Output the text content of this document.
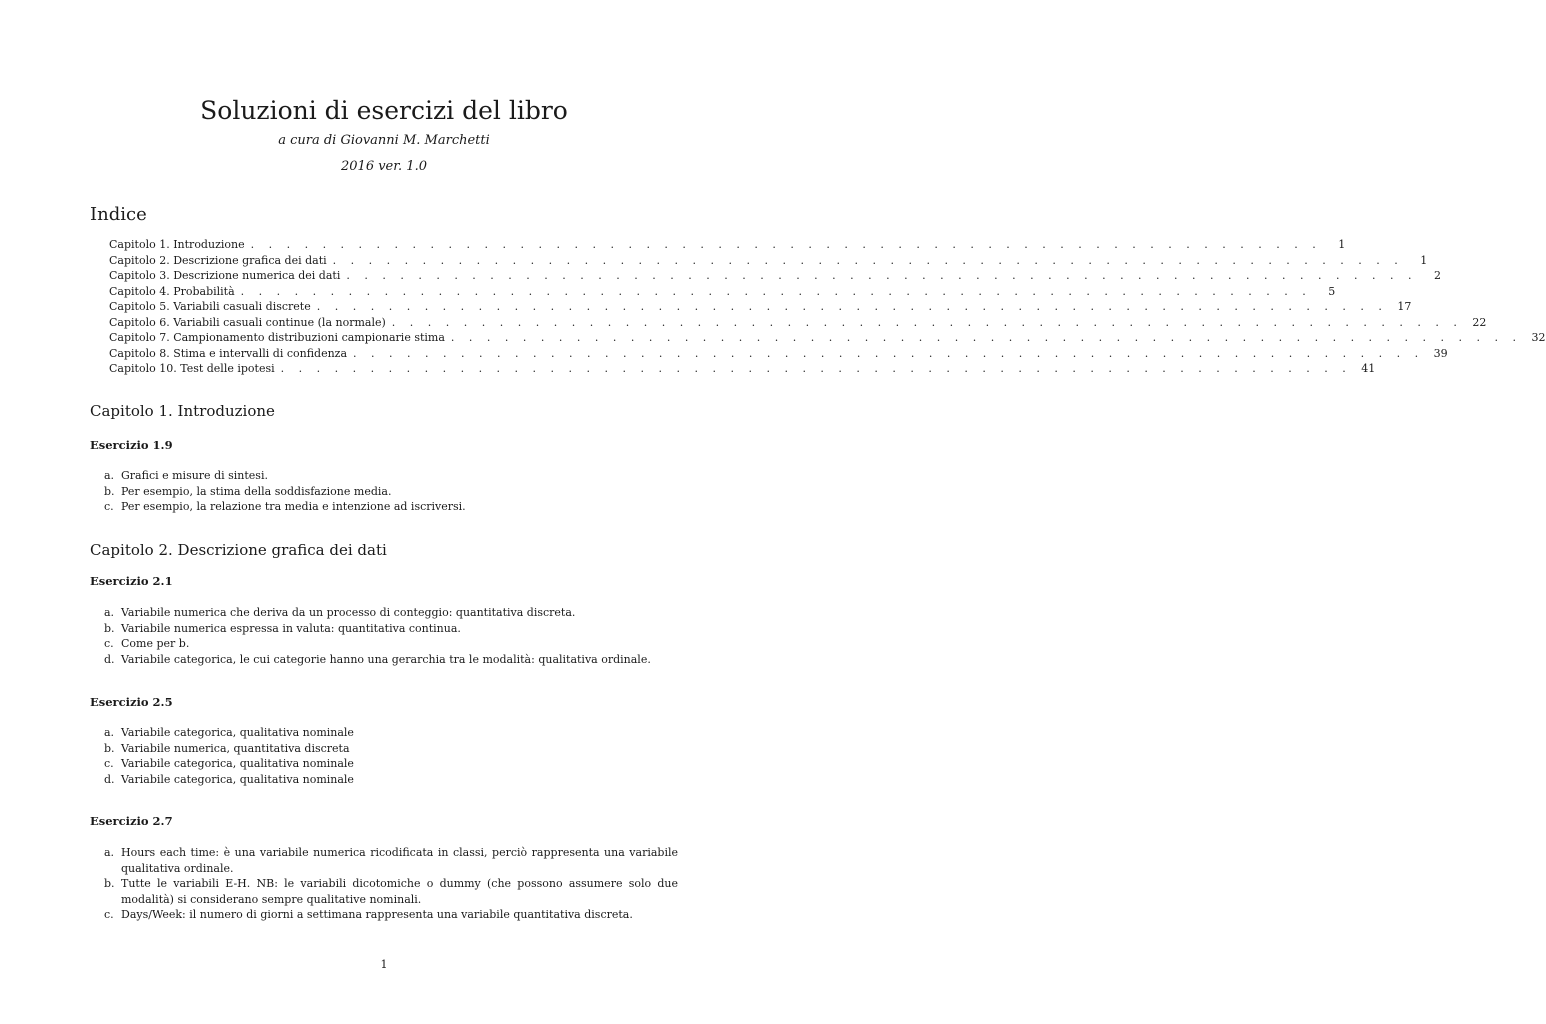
Soluzioni di esercizi del libro
a cura di Giovanni M. Marchetti
2016 ver. 1.0
Indice
Capitolo 1. Introduzione . . . . . . . . . . . . . . . . . . . . . . . . . . . . . . . . . . . . . . . . . . . . . . . . . . . . . . . . . . . .	1
Capitolo 2. Descrizione grafica dei dati . . . . . . . . . . . . . . . . . . . . . . . . . . . . . . . . . . . . . . . . . . . . . . . . . . . . . . . . . . . .	1
Capitolo 3. Descrizione numerica dei dati . . . . . . . . . . . . . . . . . . . . . . . . . . . . . . . . . . . . . . . . . . . . . . . . . . . . . . . . . . . .	2
Capitolo 4. Probabilità . . . . . . . . . . . . . . . . . . . . . . . . . . . . . . . . . . . . . . . . . . . . . . . . . . . . . . . . . . . .	5
Capitolo 5. Variabili casuali discrete . . . . . . . . . . . . . . . . . . . . . . . . . . . . . . . . . . . . . . . . . . . . . . . . . . . . . . . . . . . . 17
Capitolo 6. Variabili casuali continue (la normale) . . . . . . . . . . . . . . . . . . . . . . . . . . . . . . . . . . . . . . . . . . . . . . . . . . . . . . . . . . . . 22
Capitolo 7. Campionamento distribuzioni campionarie stima . . . . . . . . . . . . . . . . . . . . . . . . . . . . . . . . . . . . . . . . . . . . . . . . . . . . . . . . . . . . 32
Capitolo 8. Stima e intervalli di confidenza . . . . . . . . . . . . . . . . . . . . . . . . . . . . . . . . . . . . . . . . . . . . . . . . . . . . . . . . . . . . 39
Capitolo 10. Test delle ipotesi . . . . . . . . . . . . . . . . . . . . . . . . . . . . . . . . . . . . . . . . . . . . . . . . . . . . . . . . . . . . 41
Capitolo 1. Introduzione
Esercizio 1.9
a. Grafici e misure di sintesi.
b. Per esempio, la stima della soddisfazione media.
c. Per esempio, la relazione tra media e intenzione ad iscriversi.
Capitolo 2. Descrizione grafica dei dati
Esercizio 2.1
a. Variabile numerica che deriva da un processo di conteggio: quantitativa discreta.
b. Variabile numerica espressa in valuta: quantitativa continua.
c. Come per b.
d. Variabile categorica, le cui categorie hanno una gerarchia tra le modalità: qualitativa ordinale.
Esercizio 2.5
a. Variabile categorica, qualitativa nominale
b. Variabile numerica, quantitativa discreta
c. Variabile categorica, qualitativa nominale
d. Variabile categorica, qualitativa nominale
Esercizio 2.7
a. Hours each time: è una variabile numerica ricodificata in classi, perciò rappresenta una variabile qualitativa ordinale.
b. Tutte le variabili E-H. NB: le variabili dicotomiche o dummy (che possono assumere solo due modalità) si considerano sempre qualitative nominali.
c. Days/Week: il numero di giorni a settimana rappresenta una variabile quantitativa discreta.
1
